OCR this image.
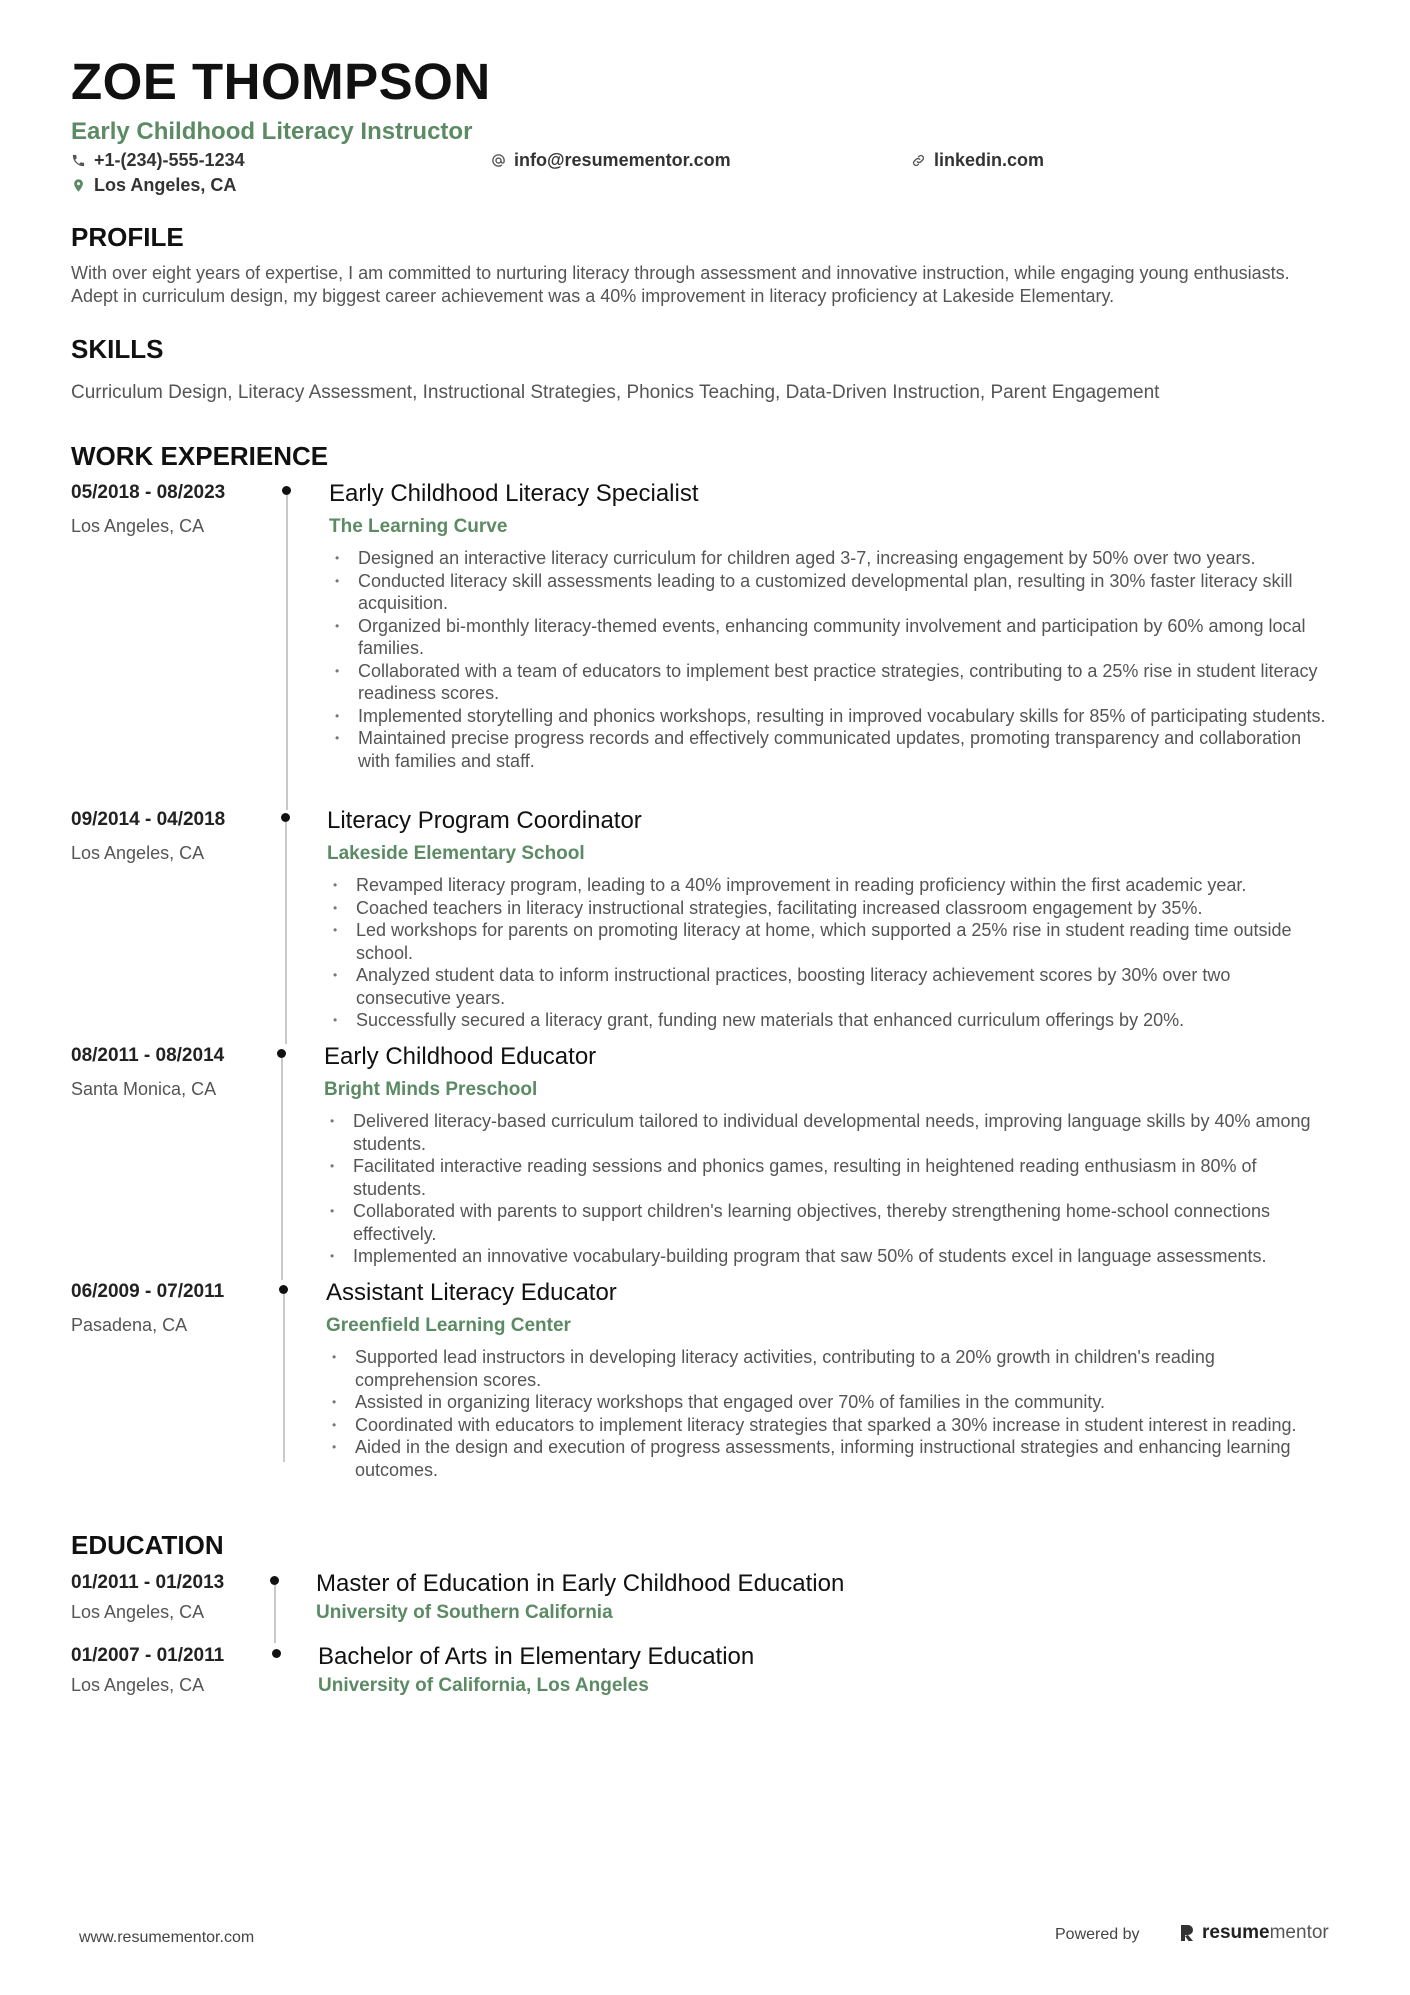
ZOE THOMPSON
Early Childhood Literacy Instructor
+1-(234)-555-1234	info@resumementor.com	linkedin.com
Los Angeles, CA
PROFILE
With over eight years of expertise, I am committed to nurturing literacy through assessment and innovative instruction, while engaging young enthusiasts. Adept in curriculum design, my biggest career achievement was a 40% improvement in literacy proficiency at Lakeside Elementary.
SKILLS
Curriculum Design, Literacy Assessment, Instructional Strategies, Phonics Teaching, Data-Driven Instruction, Parent Engagement
WORK EXPERIENCE
05/2018 - 08/2023
Los Angeles, CA
Early Childhood Literacy Specialist
The Learning Curve
• Designed an interactive literacy curriculum for children aged 3-7, increasing engagement by 50% over two years.
• Conducted literacy skill assessments leading to a customized developmental plan, resulting in 30% faster literacy skill acquisition.
• Organized bi-monthly literacy-themed events, enhancing community involvement and participation by 60% among local families.
• Collaborated with a team of educators to implement best practice strategies, contributing to a 25% rise in student literacy readiness scores.
• Implemented storytelling and phonics workshops, resulting in improved vocabulary skills for 85% of participating students.
• Maintained precise progress records and effectively communicated updates, promoting transparency and collaboration with families and staff.
09/2014 - 04/2018
Los Angeles, CA
Literacy Program Coordinator
Lakeside Elementary School
• Revamped literacy program, leading to a 40% improvement in reading proficiency within the first academic year.
• Coached teachers in literacy instructional strategies, facilitating increased classroom engagement by 35%.
• Led workshops for parents on promoting literacy at home, which supported a 25% rise in student reading time outside school.
• Analyzed student data to inform instructional practices, boosting literacy achievement scores by 30% over two consecutive years.
• Successfully secured a literacy grant, funding new materials that enhanced curriculum offerings by 20%.
08/2011 - 08/2014
Santa Monica, CA
Early Childhood Educator
Bright Minds Preschool
• Delivered literacy-based curriculum tailored to individual developmental needs, improving language skills by 40% among students.
• Facilitated interactive reading sessions and phonics games, resulting in heightened reading enthusiasm in 80% of students.
• Collaborated with parents to support children's learning objectives, thereby strengthening home-school connections effectively.
• Implemented an innovative vocabulary-building program that saw 50% of students excel in language assessments.
06/2009 - 07/2011
Pasadena, CA
Assistant Literacy Educator
Greenfield Learning Center
• Supported lead instructors in developing literacy activities, contributing to a 20% growth in children's reading comprehension scores.
• Assisted in organizing literacy workshops that engaged over 70% of families in the community.
• Coordinated with educators to implement literacy strategies that sparked a 30% increase in student interest in reading.
• Aided in the design and execution of progress assessments, informing instructional strategies and enhancing learning outcomes.
EDUCATION
01/2011 - 01/2013
Los Angeles, CA
Master of Education in Early Childhood Education
University of Southern California
01/2007 - 01/2011
Los Angeles, CA
Bachelor of Arts in Elementary Education
University of California, Los Angeles
www.resumementor.com	Powered by	resumementor
